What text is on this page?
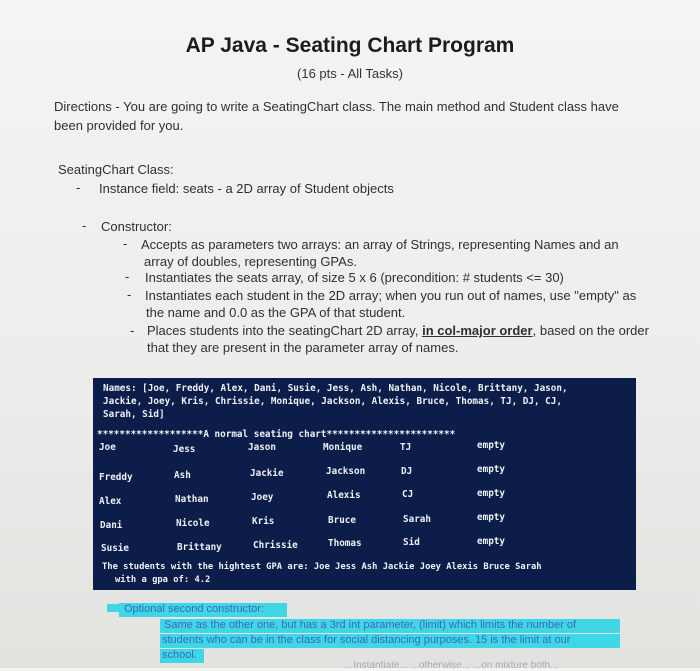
AP Java - Seating Chart Program
(16 pts - All Tasks)
Directions - You are going to write a SeatingChart class. The main method and Student class have
been provided for you.
SeatingChart Class:
- Instance field: seats - a 2D array of Student objects
- Constructor:
- Accepts as parameters two arrays: an array of Strings, representing Names and an
array of doubles, representing GPAs.
- Instantiates the seats array, of size 5 x 6 (precondition: # students <= 30)
- Instantiates each student in the 2D array; when you run out of names, use "empty" as
the name and 0.0 as the GPA of that student.
- Places students into the seatingChart 2D array, in col-major order, based on the order
that they are present in the parameter array of names.
Names: [Joe, Freddy, Alex, Dani, Susie, Jess, Ash, Nathan, Nicole, Brittany, Jason,
Jackie, Joey, Kris, Chrissie, Monique, Jackson, Alexis, Bruce, Thomas, TJ, DJ, CJ,
Sarah, Sid]
*******************A normal seating chart***********************
Joe	Jess	Jason	Monique	TJ	empty
Freddy	Ash	Jackie	Jackson	DJ	empty
Alex	Nathan	Joey	Alexis	CJ	empty
Dani	Nicole	Kris	Bruce	Sarah	empty
Susie	Brittany	Chrissie	Thomas	Sid	empty
The students with the hightest GPA are: Joe Jess Ash Jackie Joey Alexis Bruce Sarah
with a gpa of: 4.2
Optional second constructor:
Same as the other one, but has a 3rd int parameter, (limit) which limits the number of
students who can be in the class for social distancing purposes. 15 is the limit at our
school.
...Instantiate... ...otherwise... ...on mixture both...
